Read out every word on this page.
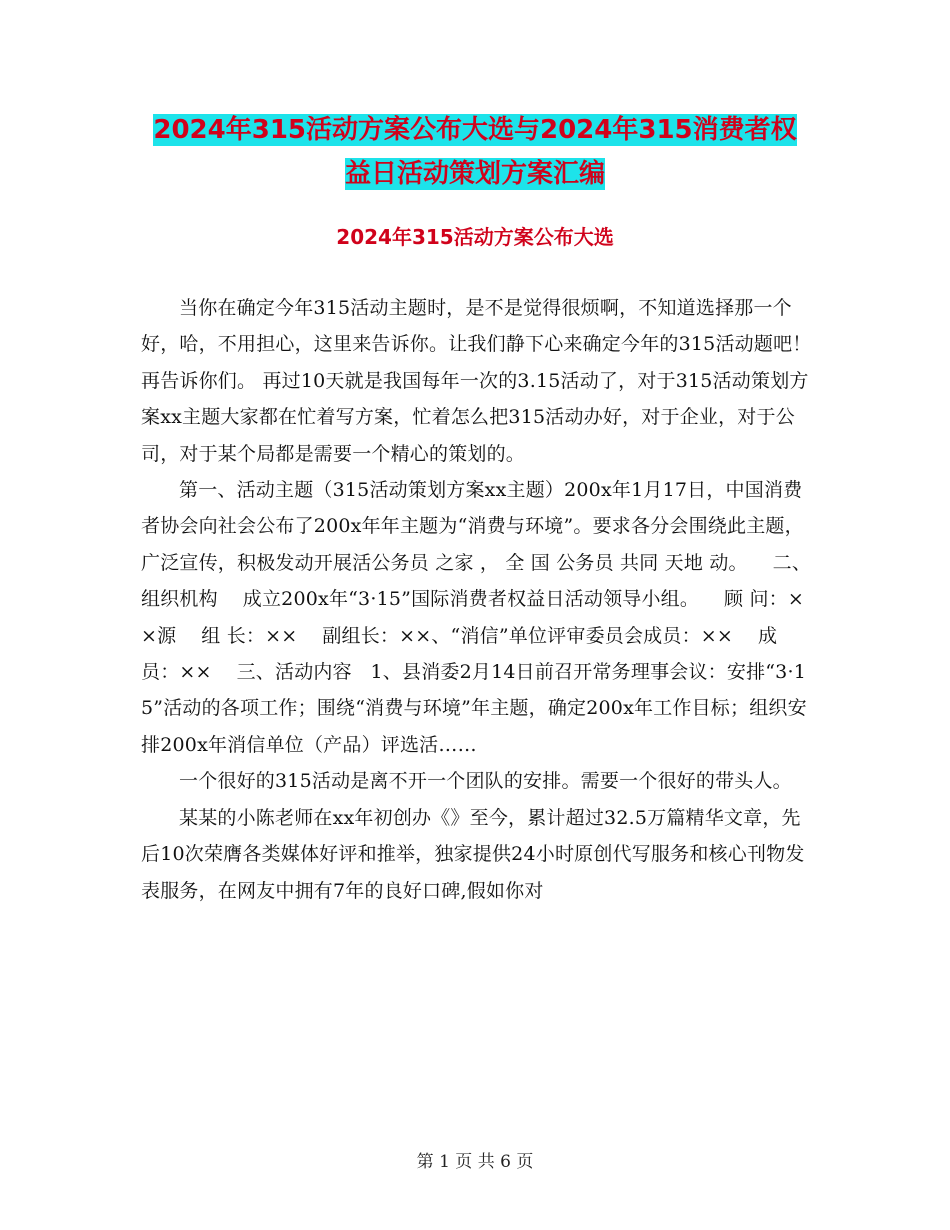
2024年315活动方案公布大选与2024年315消费者权
益日活动策划方案汇编
2024年315活动方案公布大选

当你在确定今年315活动主题时，是不是觉得很烦啊，不知道选择那一个好，哈，不用担心，这里来告诉你。让我们静下心来确定今年的315活动题吧！再告诉你们。 再过10天就是我国每年一次的3.15活动了，对于315活动策划方案xx主题大家都在忙着写方案，忙着怎么把315活动办好，对于企业，对于公司，对于某个局都是需要一个精心的策划的。

第一、活动主题（315活动策划方案xx主题）200x年1月17日，中国消费者协会向社会公布了200x年年主题为“消费与环境”。要求各分会围绕此主题，广泛宣传，积极发动开展活公务员 之家 ， 全 国 公务员 共同 天地 动。    二、组织机构    成立200x年“3·15”国际消费者权益日活动领导小组。    顾 问：××源    组 长：××    副组长：××、“消信”单位评审委员会成员：××    成 员：××    三、活动内容   1、县消委2月14日前召开常务理事会议：安排“3·15”活动的各项工作；围绕“消费与环境”年主题，确定200x年工作目标；组织安排200x年消信单位（产品）评选活……

一个很好的315活动是离不开一个团队的安排。需要一个很好的带头人。

某某的小陈老师在xx年初创办《》至今，累计超过32.5万篇精华文章，先后10次荣膺各类媒体好评和推举，独家提供24小时原创代写服务和核心刊物发表服务，在网友中拥有7年的良好口碑,假如你对

第 1 页 共 6 页
